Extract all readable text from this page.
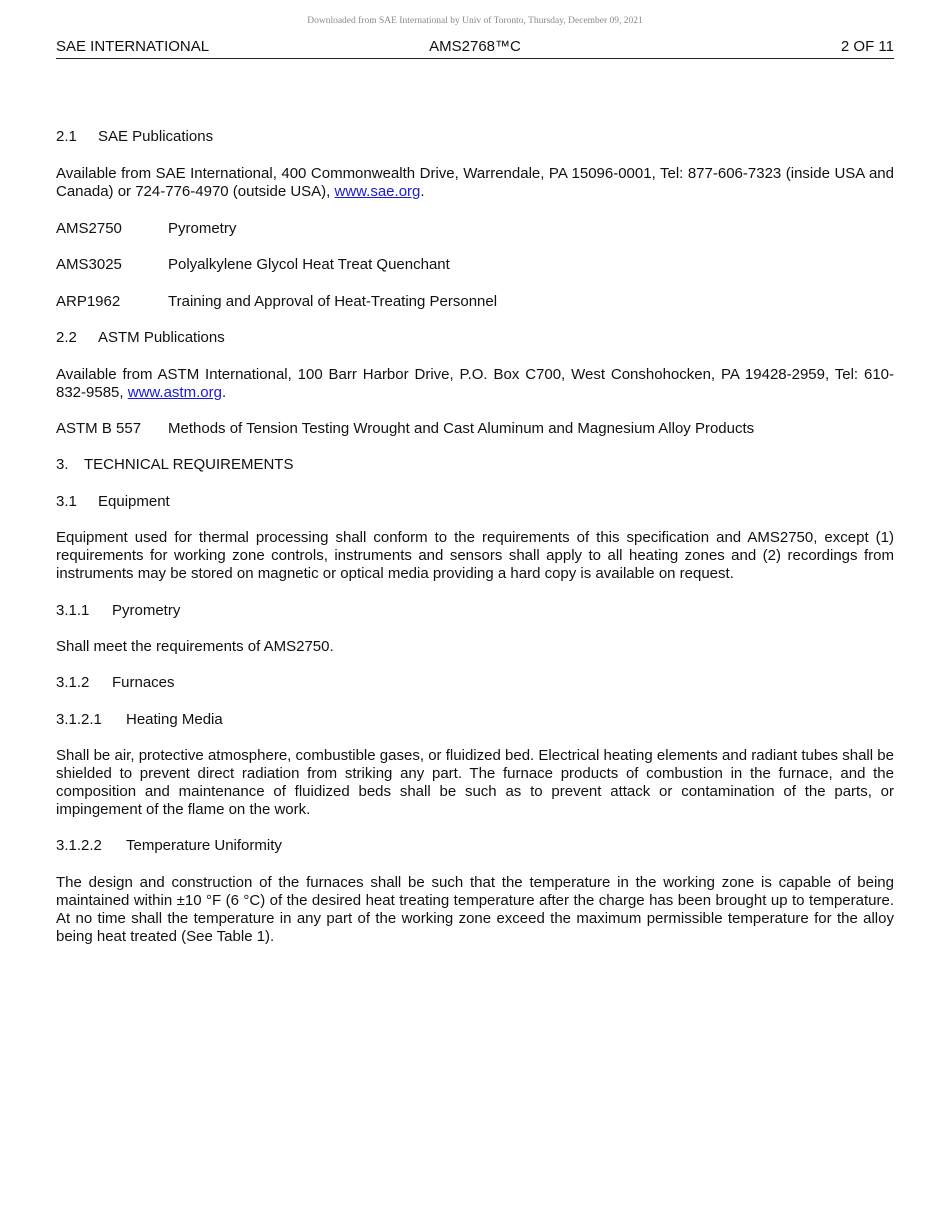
Downloaded from SAE International by Univ of Toronto, Thursday, December 09, 2021
SAE INTERNATIONAL	AMS2768™C	2 OF 11
2.1 SAE Publications
Available from SAE International, 400 Commonwealth Drive, Warrendale, PA 15096-0001, Tel: 877-606-7323 (inside USA and Canada) or 724-776-4970 (outside USA), www.sae.org.
AMS2750	Pyrometry
AMS3025	Polyalkylene Glycol Heat Treat Quenchant
ARP1962	Training and Approval of Heat-Treating Personnel
2.2 ASTM Publications
Available from ASTM International, 100 Barr Harbor Drive, P.O. Box C700, West Conshohocken, PA 19428-2959, Tel: 610-832-9585, www.astm.org.
ASTM B 557 Methods of Tension Testing Wrought and Cast Aluminum and Magnesium Alloy Products
3. TECHNICAL REQUIREMENTS
3.1 Equipment
Equipment used for thermal processing shall conform to the requirements of this specification and AMS2750, except (1) requirements for working zone controls, instruments and sensors shall apply to all heating zones and (2) recordings from instruments may be stored on magnetic or optical media providing a hard copy is available on request.
3.1.1 Pyrometry
Shall meet the requirements of AMS2750.
3.1.2 Furnaces
3.1.2.1 Heating Media
Shall be air, protective atmosphere, combustible gases, or fluidized bed. Electrical heating elements and radiant tubes shall be shielded to prevent direct radiation from striking any part. The furnace products of combustion in the furnace, and the composition and maintenance of fluidized beds shall be such as to prevent attack or contamination of the parts, or impingement of the flame on the work.
3.1.2.2 Temperature Uniformity
The design and construction of the furnaces shall be such that the temperature in the working zone is capable of being maintained within ±10 °F (6 °C) of the desired heat treating temperature after the charge has been brought up to temperature. At no time shall the temperature in any part of the working zone exceed the maximum permissible temperature for the alloy being heat treated (See Table 1).
